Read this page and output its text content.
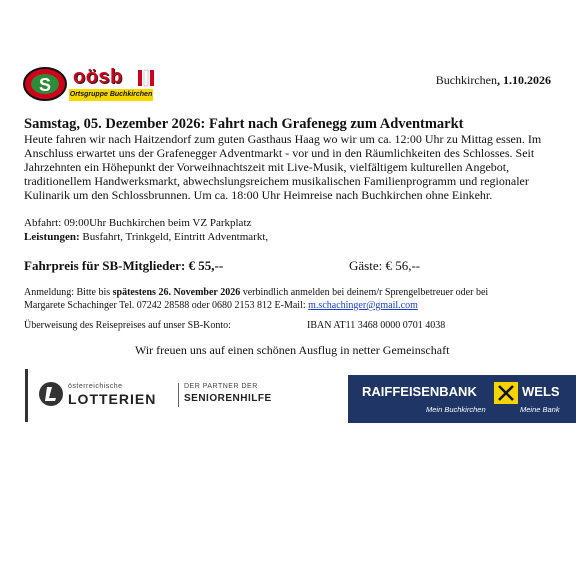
S oösb
Ortsgruppe Buchkirchen
Buchkirchen, 1.10.2026
Samstag, 05. Dezember 2026: Fahrt nach Grafenegg zum Adventmarkt
Heute fahren wir nach Haitzendorf zum guten Gasthaus Haag wo wir um ca. 12:00 Uhr zu Mittag essen. Im Anschluss erwartet uns der Grafenegger Adventmarkt - vor und in den Räumlichkeiten des Schlosses. Seit Jahrzehnten ein Höhepunkt der Vorweihnachtszeit mit Live-Musik, vielfältigem kulturellen Angebot, traditionellem Handwerksmarkt, abwechslungsreichem musikalischen Familienprogramm und regionaler Kulinarik um den Schlossbrunnen. Um ca. 18:00 Uhr Heimreise nach Buchkirchen ohne Einkehr.
Abfahrt: 09:00Uhr Buchkirchen beim VZ Parkplatz
Leistungen: Busfahrt, Trinkgeld, Eintritt Adventmarkt,
Fahrpreis für SB-Mitglieder: € 55,--	Gäste: € 56,--
Anmeldung: Bitte bis spätestens 26. November 2026 verbindlich anmelden bei deinem/r Sprengelbetreuer oder bei
Margarete Schachinger Tel. 07242 28588 oder 0680 2153 812 E-Mail: m.schachinger@gmail.com
Überweisung des Reisepreises auf unser SB-Konto:	IBAN AT11 3468 0000 0701 4038
Wir freuen uns auf einen schönen Ausflug in netter Gemeinschaft
österreichische
LOTTERIEN
DER PARTNER DER
SENIORENHILFE	RAIFFEISENBANK	WELS
Mein Buchkirchen	Meine Bank
